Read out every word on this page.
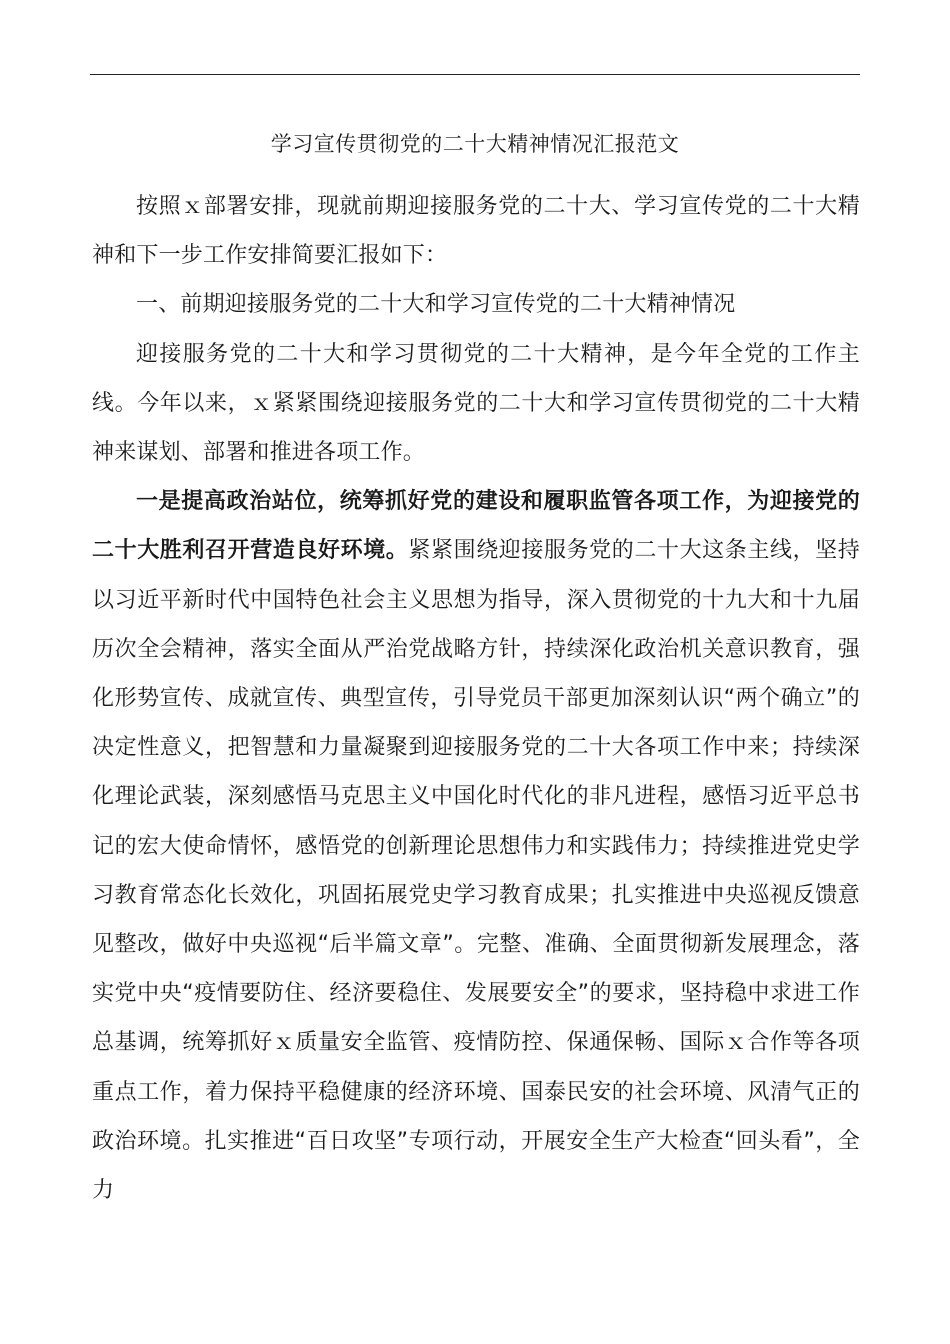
学习宣传贯彻党的二十大精神情况汇报范文

按照ｘ部署安排，现就前期迎接服务党的二十大、学习宣传党的二十大精神和下一步工作安排简要汇报如下：

一、前期迎接服务党的二十大和学习宣传党的二十大精神情况

迎接服务党的二十大和学习贯彻党的二十大精神，是今年全党的工作主线。今年以来，ｘ紧紧围绕迎接服务党的二十大和学习宣传贯彻党的二十大精神来谋划、部署和推进各项工作。

一是提高政治站位，统筹抓好党的建设和履职监管各项工作，为迎接党的二十大胜利召开营造良好环境。紧紧围绕迎接服务党的二十大这条主线，坚持以习近平新时代中国特色社会主义思想为指导，深入贯彻党的十九大和十九届历次全会精神，落实全面从严治党战略方针，持续深化政治机关意识教育，强化形势宣传、成就宣传、典型宣传，引导党员干部更加深刻认识“两个确立”的决定性意义，把智慧和力量凝聚到迎接服务党的二十大各项工作中来；持续深化理论武装，深刻感悟马克思主义中国化时代化的非凡进程，感悟习近平总书记的宏大使命情怀，感悟党的创新理论思想伟力和实践伟力；持续推进党史学习教育常态化长效化，巩固拓展党史学习教育成果；扎实推进中央巡视反馈意见整改，做好中央巡视“后半篇文章”。完整、准确、全面贯彻新发展理念，落实党中央“疫情要防住、经济要稳住、发展要安全”的要求，坚持稳中求进工作总基调，统筹抓好ｘ质量安全监管、疫情防控、保通保畅、国际ｘ合作等各项重点工作，着力保持平稳健康的经济环境、国泰民安的社会环境、风清气正的政治环境。扎实推进“百日攻坚”专项行动，开展安全生产大检查“回头看”，全力
